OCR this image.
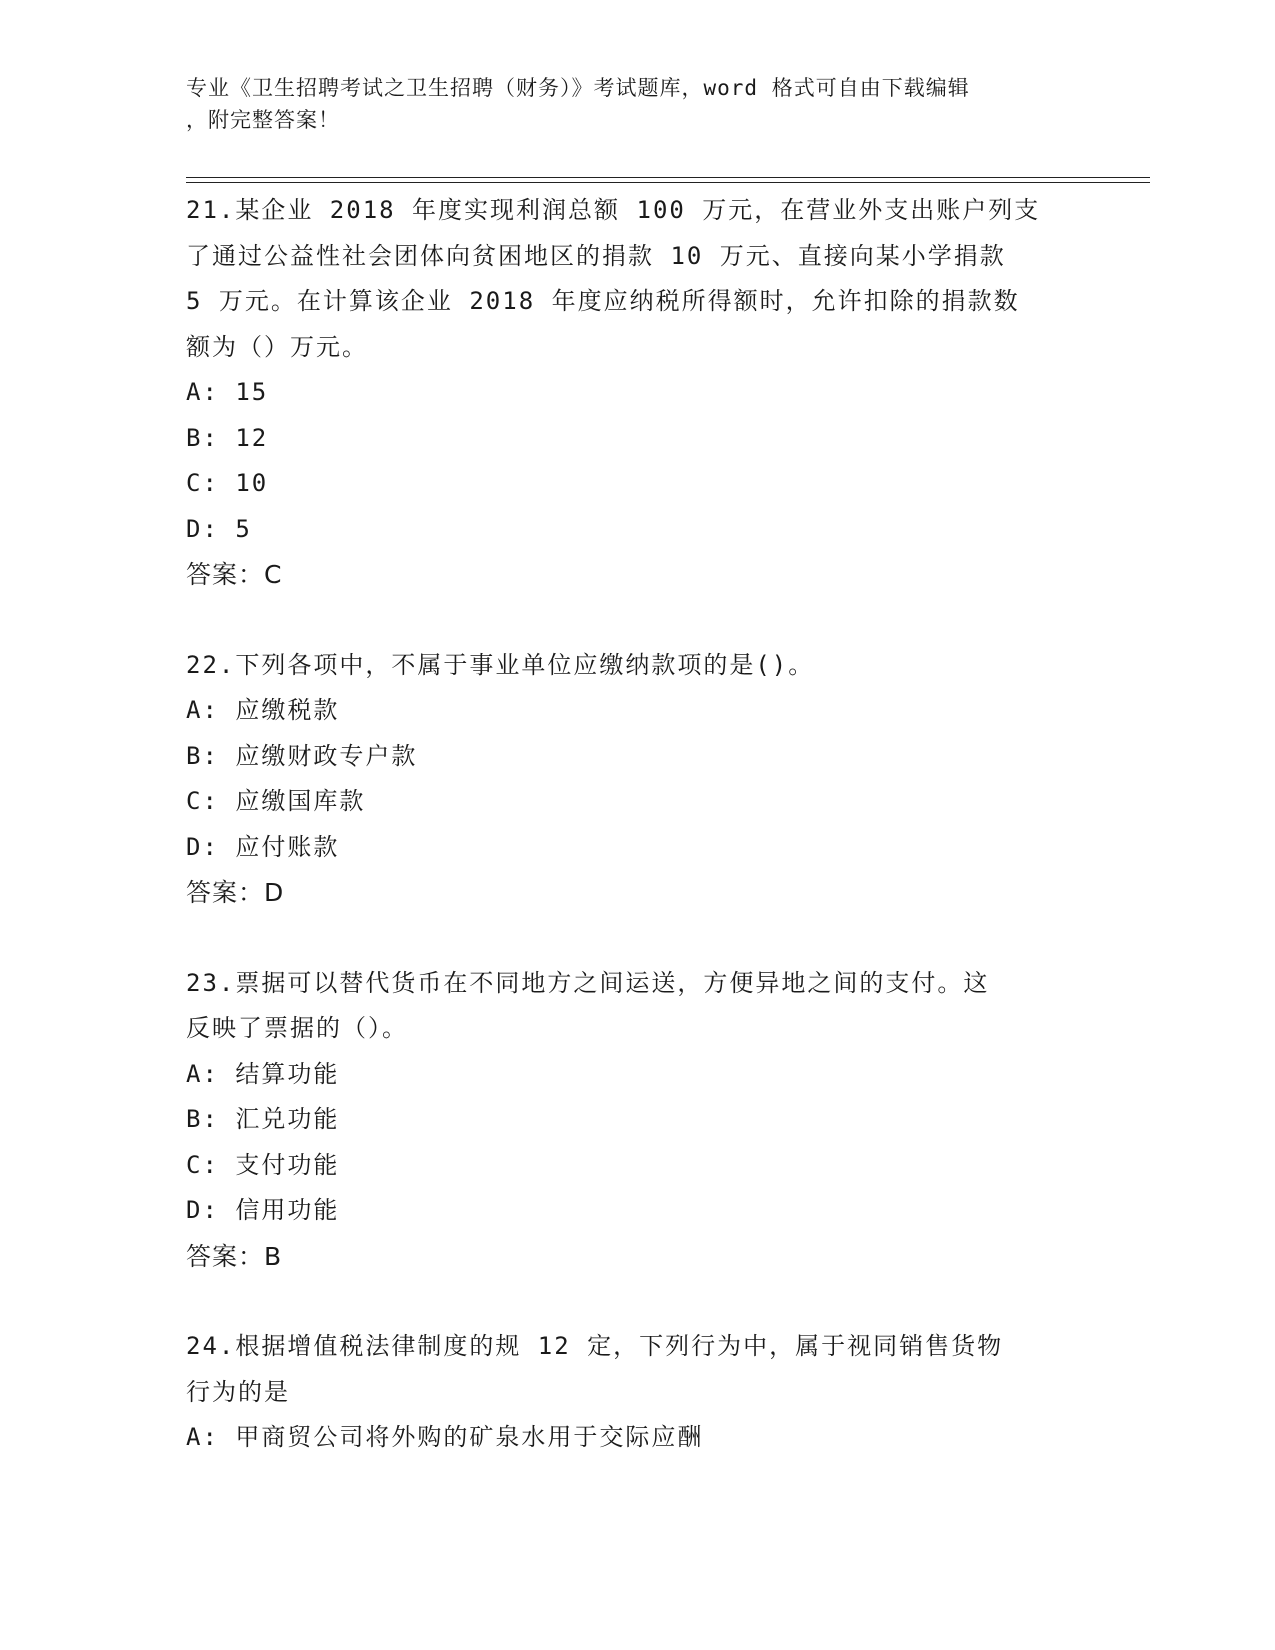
专业《卫生招聘考试之卫生招聘（财务）》考试题库，word 格式可自由下载编辑
，附完整答案！
21.某企业 2018 年度实现利润总额 100 万元，在营业外支出账户列支
了通过公益性社会团体向贫困地区的捐款 10 万元、直接向某小学捐款
5 万元。在计算该企业 2018 年度应纳税所得额时，允许扣除的捐款数
额为（）万元。
A: 15
B: 12
C: 10
D: 5
答案：C
22.下列各项中，不属于事业单位应缴纳款项的是()。
A: 应缴税款
B: 应缴财政专户款
C: 应缴国库款
D: 应付账款
答案：D
23.票据可以替代货币在不同地方之间运送，方便异地之间的支付。这
反映了票据的（）。
A: 结算功能
B: 汇兑功能
C: 支付功能
D: 信用功能
答案：B
24.根据增值税法律制度的规 12 定，下列行为中，属于视同销售货物
行为的是
A: 甲商贸公司将外购的矿泉水用于交际应酬
